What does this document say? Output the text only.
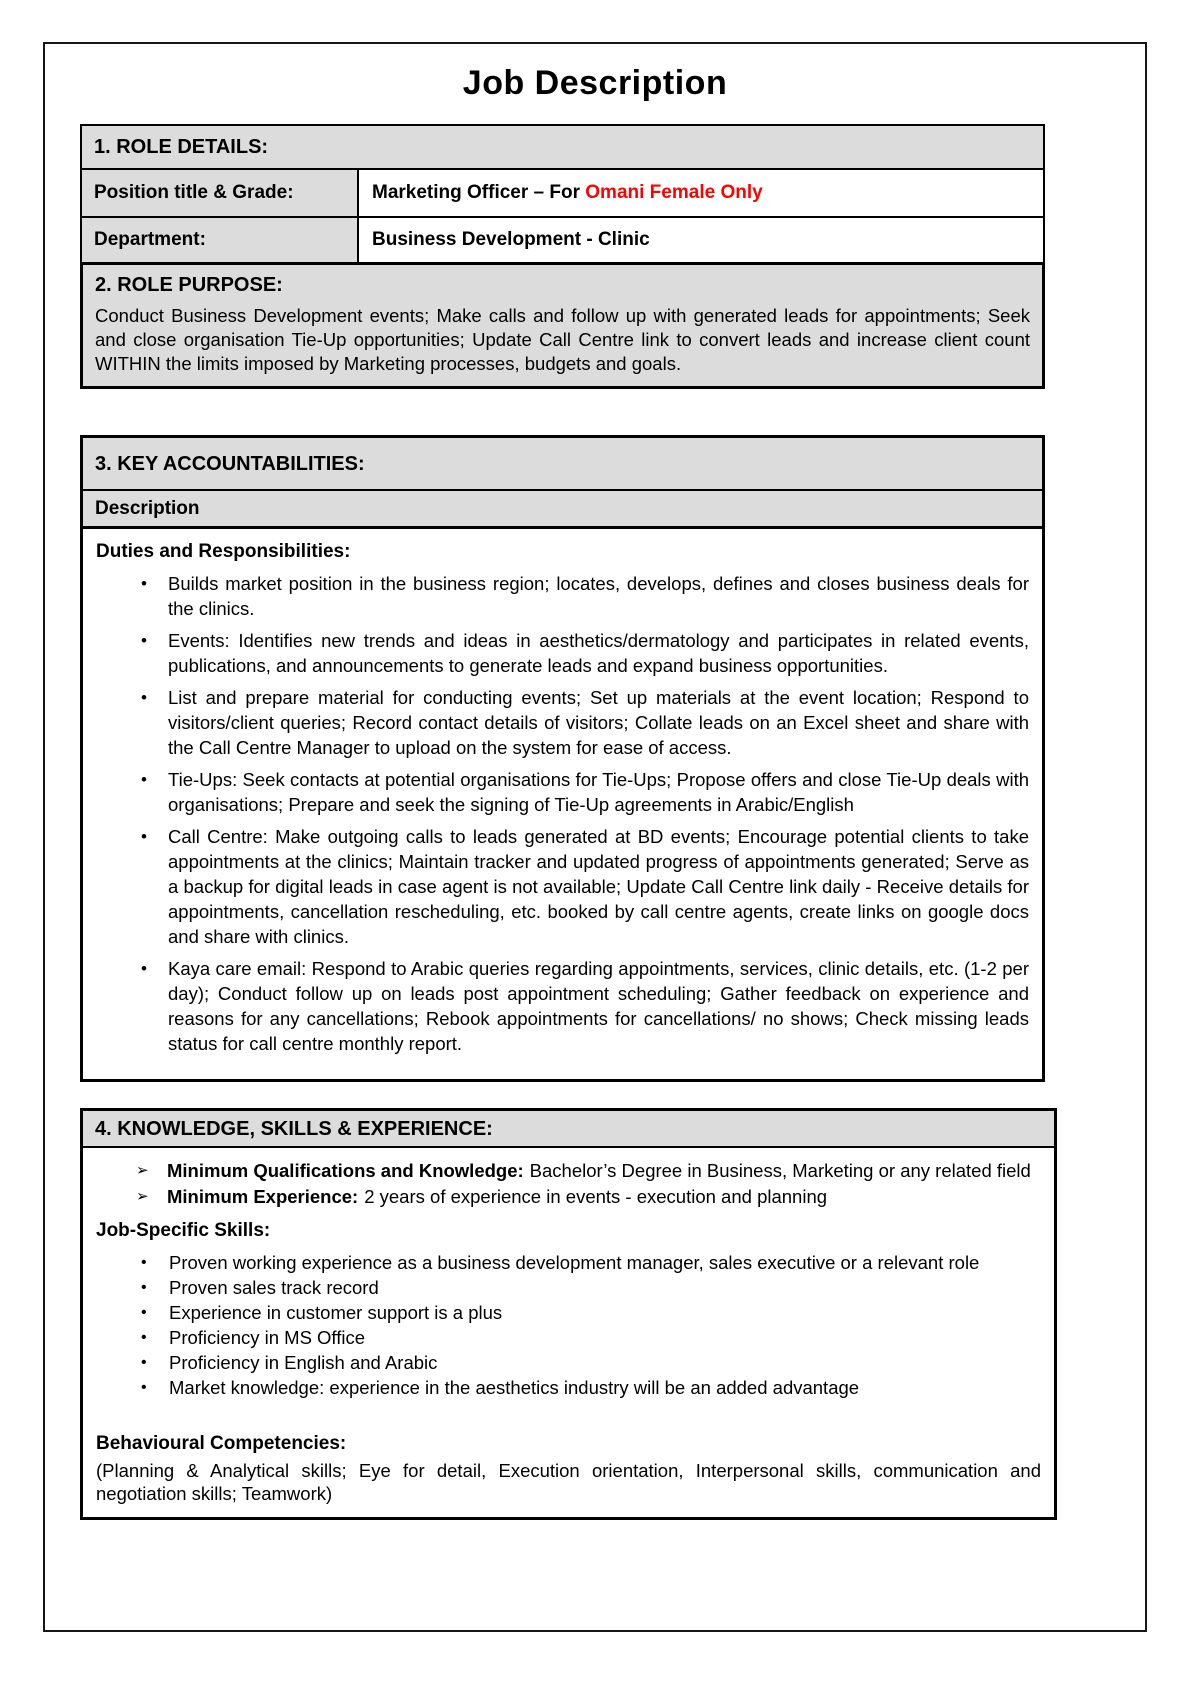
Job Description
1. ROLE DETAILS:
Position title & Grade:	Marketing Officer – For Omani Female Only
Department:	Business Development - Clinic
2. ROLE PURPOSE:

Conduct Business Development events; Make calls and follow up with generated leads for appointments; Seek and close organisation Tie-Up opportunities; Update Call Centre link to convert leads and increase client count WITHIN the limits imposed by Marketing processes, budgets and goals.

3. KEY ACCOUNTABILITIES:
Description
Duties and Responsibilities:
•	Builds market position in the business region; locates, develops, defines and closes business deals for the clinics.
•	Events: Identifies new trends and ideas in aesthetics/dermatology and participates in related events, publications, and announcements to generate leads and expand business opportunities.
•	List and prepare material for conducting events; Set up materials at the event location; Respond to visitors/client queries; Record contact details of visitors; Collate leads on an Excel sheet and share with the Call Centre Manager to upload on the system for ease of access.
•	Tie-Ups: Seek contacts at potential organisations for Tie-Ups; Propose offers and close Tie-Up deals with organisations; Prepare and seek the signing of Tie-Up agreements in Arabic/English
•	Call Centre: Make outgoing calls to leads generated at BD events; Encourage potential clients to take appointments at the clinics; Maintain tracker and updated progress of appointments generated; Serve as a backup for digital leads in case agent is not available; Update Call Centre link daily - Receive details for appointments, cancellation rescheduling, etc. booked by call centre agents, create links on google docs and share with clinics.
•	Kaya care email: Respond to Arabic queries regarding appointments, services, clinic details, etc. (1-2 per day); Conduct follow up on leads post appointment scheduling; Gather feedback on experience and reasons for any cancellations; Rebook appointments for cancellations/ no shows; Check missing leads status for call centre monthly report.
4. KNOWLEDGE, SKILLS & EXPERIENCE:
➢ Minimum Qualifications and Knowledge: Bachelor’s Degree in Business, Marketing or any related field
➢ Minimum Experience: 2 years of experience in events - execution and planning
Job-Specific Skills:
•	Proven working experience as a business development manager, sales executive or a relevant role
•	Proven sales track record
•	Experience in customer support is a plus
•	Proficiency in MS Office
•	Proficiency in English and Arabic
•	Market knowledge: experience in the aesthetics industry will be an added advantage
Behavioural Competencies:

(Planning & Analytical skills; Eye for detail, Execution orientation, Interpersonal skills, communication and negotiation skills; Teamwork)
